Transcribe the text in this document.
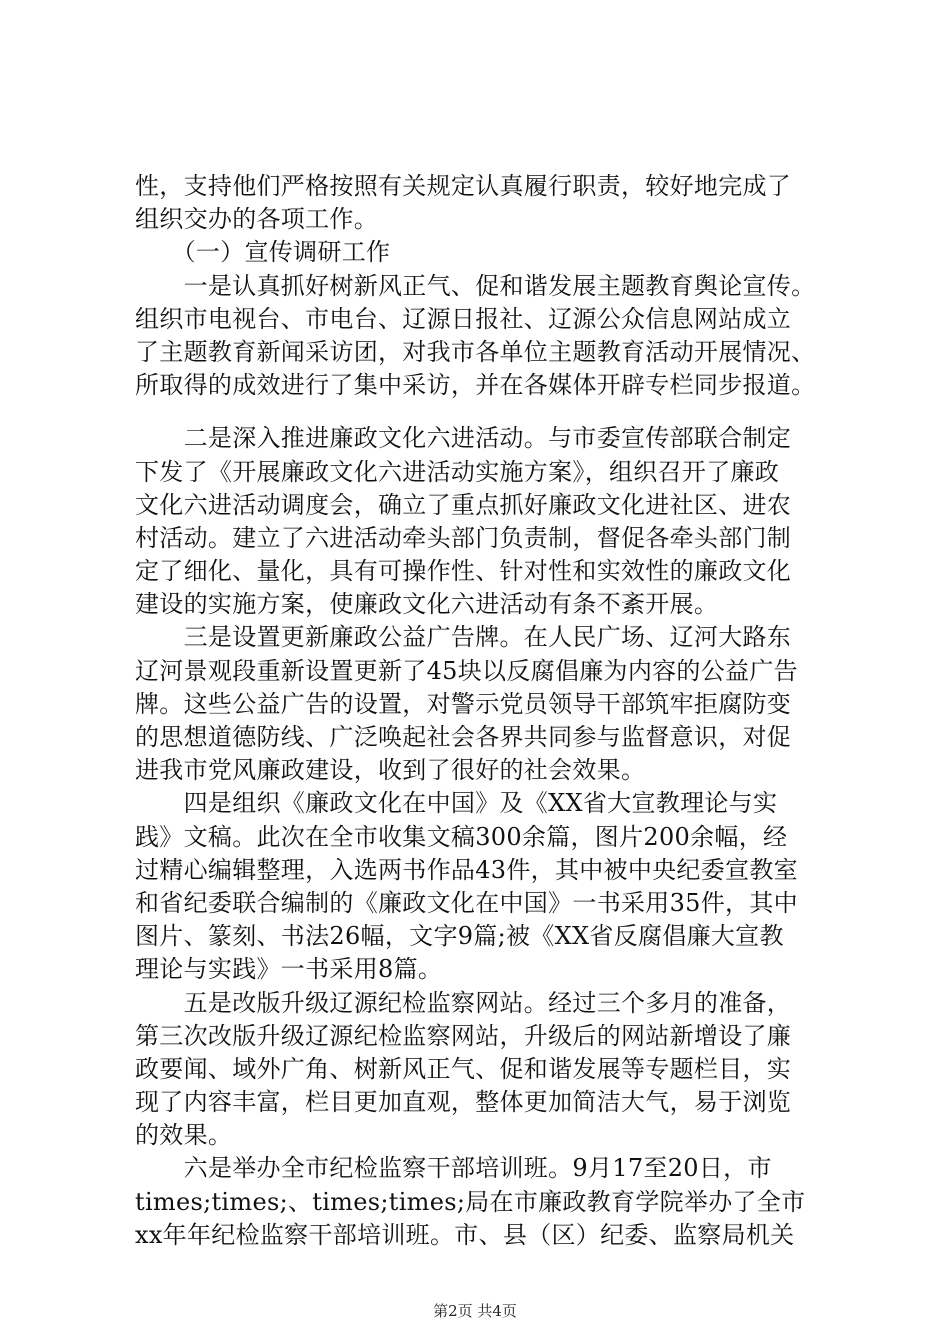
性，支持他们严格按照有关规定认真履行职责，较好地完成了
组织交办的各项工作。
　　（一）宣传调研工作
　　一是认真抓好树新风正气、促和谐发展主题教育舆论宣传。
组织市电视台、市电台、辽源日报社、辽源公众信息网站成立
了主题教育新闻采访团，对我市各单位主题教育活动开展情况、
所取得的成效进行了集中采访，并在各媒体开辟专栏同步报道。
　　二是深入推进廉政文化六进活动。与市委宣传部联合制定
下发了《开展廉政文化六进活动实施方案》，组织召开了廉政
文化六进活动调度会，确立了重点抓好廉政文化进社区、进农
村活动。建立了六进活动牵头部门负责制，督促各牵头部门制
定了细化、量化，具有可操作性、针对性和实效性的廉政文化
建设的实施方案，使廉政文化六进活动有条不紊开展。
　　三是设置更新廉政公益广告牌。在人民广场、辽河大路东
辽河景观段重新设置更新了45块以反腐倡廉为内容的公益广告
牌。这些公益广告的设置，对警示党员领导干部筑牢拒腐防变
的思想道德防线、广泛唤起社会各界共同参与监督意识，对促
进我市党风廉政建设，收到了很好的社会效果。
　　四是组织《廉政文化在中国》及《XX省大宣教理论与实
践》文稿。此次在全市收集文稿300余篇，图片200余幅，经
过精心编辑整理，入选两书作品43件，其中被中央纪委宣教室
和省纪委联合编制的《廉政文化在中国》一书采用35件，其中
图片、篆刻、书法26幅，文字9篇;被《XX省反腐倡廉大宣教
理论与实践》一书采用8篇。
　　五是改版升级辽源纪检监察网站。经过三个多月的准备，
第三次改版升级辽源纪检监察网站，升级后的网站新增设了廉
政要闻、域外广角、树新风正气、促和谐发展等专题栏目，实
现了内容丰富，栏目更加直观，整体更加简洁大气，易于浏览
的效果。
　　六是举办全市纪检监察干部培训班。9月17至20日，市
times;times;、times;times;局在市廉政教育学院举办了全市
xx年年纪检监察干部培训班。市、县（区）纪委、监察局机关
第2页 共4页
